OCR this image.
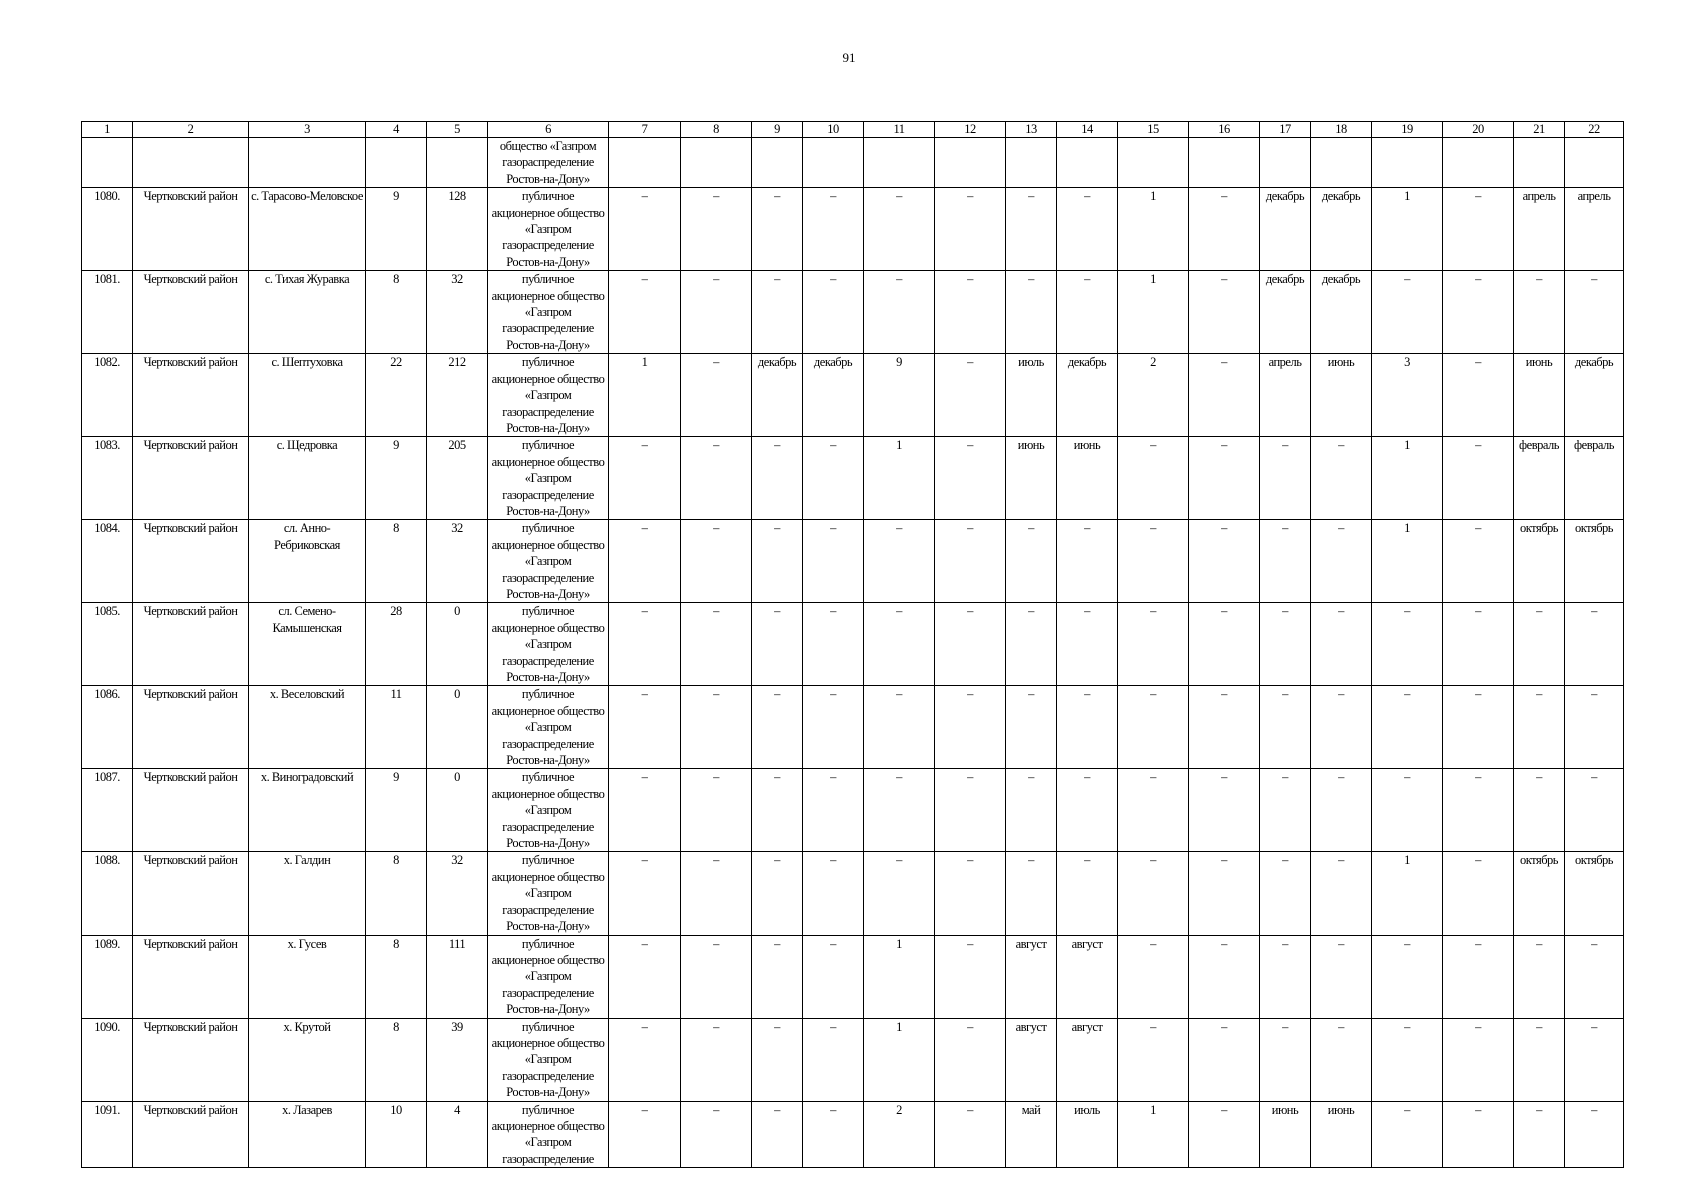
91
1	2	3	4	5	6	7	8	9	10	11	12	13	14	15	16	17	18	19	20	21	22
					общество «Газпром газораспределение Ростов-на-Дону»																
1080.	Чертковский район	с. Тарасово-Меловское	9	128	публичное акционерное общество «Газпром газораспределение Ростов-на-Дону»	–	–	–	–	–	–	–	–	1	–	декабрь	декабрь	1	–	апрель	апрель
1081.	Чертковский район	с. Тихая Журавка	8	32	публичное акционерное общество «Газпром газораспределение Ростов-на-Дону»	–	–	–	–	–	–	–	–	1	–	декабрь	декабрь	–	–	–	–
1082.	Чертковский район	с. Шептуховка	22	212	публичное акционерное общество «Газпром газораспределение Ростов-на-Дону»	1	–	декабрь	декабрь	9	–	июль	декабрь	2	–	апрель	июнь	3	–	июнь	декабрь
1083.	Чертковский район	с. Щедровка	9	205	публичное акционерное общество «Газпром газораспределение Ростов-на-Дону»	–	–	–	–	1	–	июнь	июнь	–	–	–	–	1	–	февраль	февраль
1084.	Чертковский район	сл. Анно-Ребриковская	8	32	публичное акционерное общество «Газпром газораспределение Ростов-на-Дону»	–	–	–	–	–	–	–	–	–	–	–	–	1	–	октябрь	октябрь
1085.	Чертковский район	сл. Семено-Камышенская	28	0	публичное акционерное общество «Газпром газораспределение Ростов-на-Дону»	–	–	–	–	–	–	–	–	–	–	–	–	–	–	–	–
1086.	Чертковский район	х. Веселовский	11	0	публичное акционерное общество «Газпром газораспределение Ростов-на-Дону»	–	–	–	–	–	–	–	–	–	–	–	–	–	–	–	–
1087.	Чертковский район	х. Виноградовский	9	0	публичное акционерное общество «Газпром газораспределение Ростов-на-Дону»	–	–	–	–	–	–	–	–	–	–	–	–	–	–	–	–
1088.	Чертковский район	х. Галдин	8	32	публичное акционерное общество «Газпром газораспределение Ростов-на-Дону»	–	–	–	–	–	–	–	–	–	–	–	–	1	–	октябрь	октябрь
1089.	Чертковский район	х. Гусев	8	111	публичное акционерное общество «Газпром газораспределение Ростов-на-Дону»	–	–	–	–	1	–	август	август	–	–	–	–	–	–	–	–
1090.	Чертковский район	х. Крутой	8	39	публичное акционерное общество «Газпром газораспределение Ростов-на-Дону»	–	–	–	–	1	–	август	август	–	–	–	–	–	–	–	–
1091.	Чертковский район	х. Лазарев	10	4	публичное акционерное общество «Газпром газораспределение	–	–	–	–	2	–	май	июль	1	–	июнь	июнь	–	–	–	–
